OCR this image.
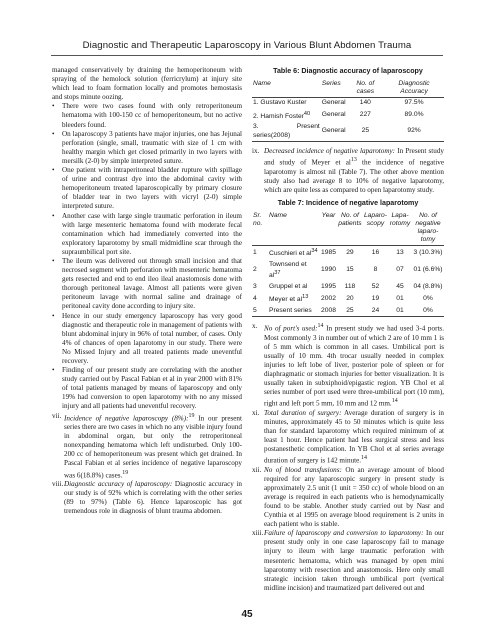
Diagnostic and Therapeutic Laparoscopy in Various Blunt Abdomen Trauma

managed conservatively by draining the hemoperitoneum with spraying of the hemolock solution (ferricrylum) at injury site which lead to foam formation locally and promotes hemostasis and stops minute oozing.

• There were two cases found with only retroperitoneum hematoma with 100-150 cc of hemoperitoneum, but no active bleeders found.

• On laparoscopy 3 patients have major injuries, one has Jejunal perforation (single, small, traumatic with size of 1 cm with healthy margin which get closed primarily in two layers with mersilk (2-0) by simple interpreted suture.

• One patient with intraperitoneal bladder rupture with spillage of urine and contrast dye into the abdominal cavity with hemoperitoneum treated laparoscopically by primary closure of bladder tear in two layers with vicryl (2-0) simple interpreted suture.

• Another case with large single traumatic perforation in ileum with large mesenteric hematoma found with moderate fecal contamination which had immediately converted into the exploratory laparotomy by small midmidline scar through the supraumbilical port site.

• The ileum was delivered out through small incision and that necrosed segment with perforation with mesenteric hematoma gets resected and end to end ileo ileal anastomosis done with thorough peritoneal lavage. Almost all patients were given peritoneum lavage with normal saline and drainage of peritoneal cavity done according to injury site.

• Hence in our study emergency laparoscopy has very good diagnostic and therapeutic role in management of patients with blunt abdominal injury in 96% of total number, of cases. Only 4% of chances of open laparotomy in our study. There were No Missed Injury and all treated patients made uneventful recovery.

• Finding of our present study are correlating with the another study carried out by Pascal Fabian et al in year 2000 with 81% of total patients managed by means of laparoscopy and only 19% had conversion to open laparotomy with no any missed injury and all patients had uneventful recovery.

vii. Incidence of negative laparoscopy (8%):$^{19}$ In our present series there are two cases in which no any visible injury found in abdominal organ, but only the retroperitoneal nonexpanding hematoma which left undisturbed. Only 100-200 cc of hemoperitoneum was present which get drained. In Pascal Fabian et al series incidence of negative laparoscopy was 6(18.8%) cases.$^{19}$

viii. Diagnostic accuracy of laparoscopy: Diagnostic accuracy in our study is of 92% which is correlating with the other series (89 to 97%) (Table 6). Hence laparoscopic has got tremendous role in diagnosis of blunt trauma abdomen.

Table 6: Diagnostic accuracy of laparoscopy
Name	Series	No. of cases	Diagnostic Accuracy
1. Gustavo Kuster	General	140	97.5%
2. Hamish Foster$^{40}$	General	227	89.0%
3. Present series(2008)	General	25	92%

ix. Decreased incidence of negative laparotomy: In Present study and study of Meyer et $al^{13}$ the incidence of negative laparotomy is almost nil (Table 7). The other above mention study also had average 8 to 10% of negative laparotomy, which are quite less as compared to open laparotomy study.

Table 7: Incidence of negative laparotomy
Sr. no.	Name	Year	No. of patients	Laparo-scopy	Lapa-rotomy	No. of negative laparo-tomy
1	Cuschieri et $al^{34}$	1985	29	16	13	3 (10.3%)
2	Townsend et $al^{37}$	1990	15	8	07	01 (6.6%)
3	Gruppel et al	1995	118	52	45	04 (8.8%)
4	Meyer et $al^{13}$	2002	20	19	01	0%
5	Present series	2008	25	24	01	0%

x. No of port's used:$^{14}$ In present study we had used 3-4 ports. Most commonly 3 in number out of which 2 are of 10 mm 1 is of 5 mm which is common in all cases. Umbilical port is usually of 10 mm. 4th trocar usually needed in complex injuries to left lobe of liver, posterior pole of spleen or for diaphragmatic or stomach injuries for better visualization. It is usually taken in subxiphoid/epigastic region. YB Chol et al series number of port used were three-umbilical port (10 mm), right and left port 5 mm, 10 mm and 12 mm.$^{14}$

xi. Total duration of surgery: Average duration of surgery is in minutes, approximately 45 to 50 minutes which is quite less than for standard laparotomy which required minimum of at least 1 hour. Hence patient had less surgical stress and less postanesthetic complication. In YB Chol et al series average duration of surgery is 142 minute.$^{14}$

xii. No of blood transfusions: On an average amount of blood required for any laparoscopic surgery in present study is approximately 2.5 unit (1 unit = 350 cc) of whole blood on an average is required in each patients who is hemodynamically found to be stable. Another study carried out by Nasr and Cynthia et al 1995 on average blood requirement is 2 units in each patient who is stable.

xiii. Failure of laparoscopy and conversion to laparotomy: In our present study only in one case laparoscopy fail to manage injury to ileum with large traumatic perforation with mesenteric hematoma, which was managed by open mini laparotomy with resection and anastomosis. Here only small strategic incision taken through umbilical port (vertical midline incision) and traumatized part delivered out and

45
